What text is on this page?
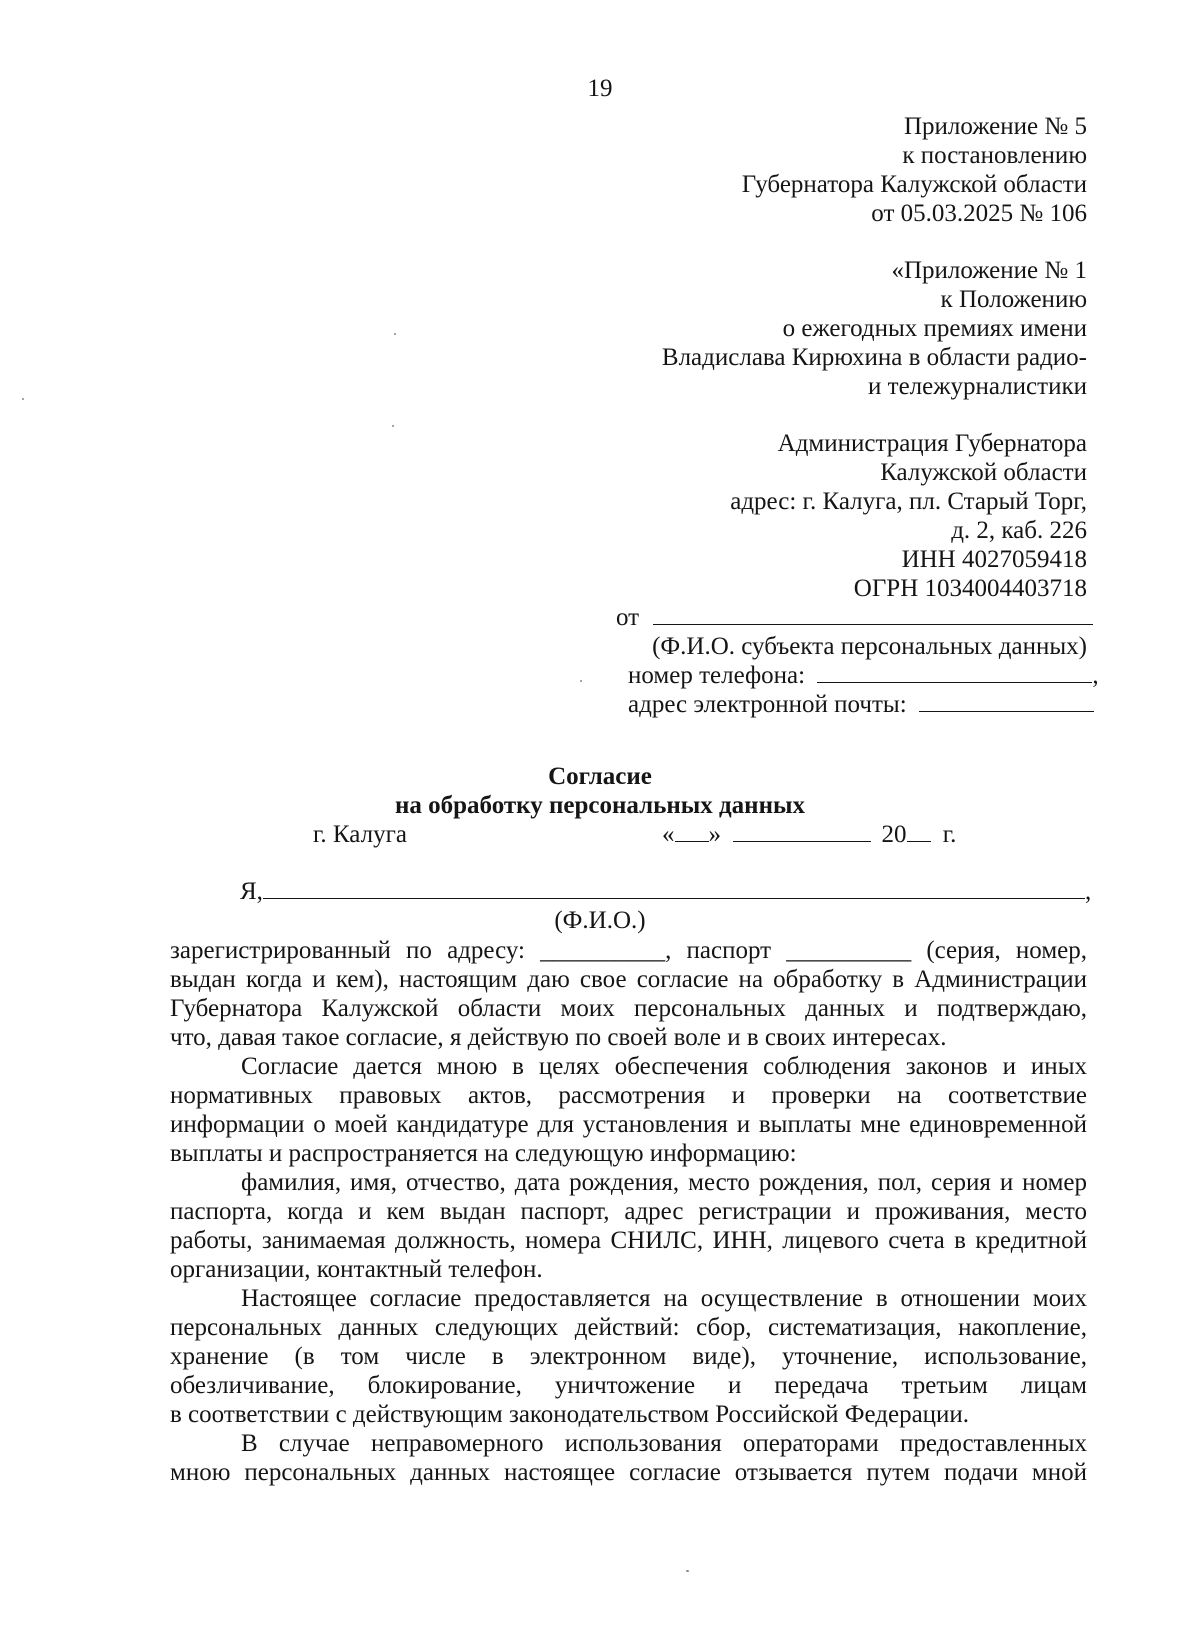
19
Приложение № 5
к постановлению
Губернатора Калужской области
от 05.03.2025 № 106
«Приложение № 1
к Положению
о ежегодных премиях имени
Владислава Кирюхина в области радио-
и тележурналистики
Администрация Губернатора
Калужской области
адрес: г. Калуга, пл. Старый Торг,
д. 2, каб. 226
ИНН 4027059418
ОГРН 1034004403718
от
(Ф.И.О. субъекта персональных данных)
номер телефона:	,
адрес электронной почты:
Согласие
на обработку персональных данных
г. Калуга	« »	20 г.
Я,	,
(Ф.И.О.)
зарегистрированный по адресу: __________, паспорт __________ (серия, номер,
выдан когда и кем), настоящим даю свое согласие на обработку в Администрации
Губернатора Калужской области моих персональных данных и подтверждаю,
что, давая такое согласие, я действую по своей воле и в своих интересах.
Согласие дается мною в целях обеспечения соблюдения законов и иных
нормативных правовых актов, рассмотрения и проверки на соответствие
информации о моей кандидатуре для установления и выплаты мне единовременной
выплаты и распространяется на следующую информацию:
фамилия, имя, отчество, дата рождения, место рождения, пол, серия и номер
паспорта, когда и кем выдан паспорт, адрес регистрации и проживания, место
работы, занимаемая должность, номера СНИЛС, ИНН, лицевого счета в кредитной
организации, контактный телефон.
Настоящее согласие предоставляется на осуществление в отношении моих
персональных данных следующих действий: сбор, систематизация, накопление,
хранение (в том числе в электронном виде), уточнение, использование,
обезличивание, блокирование, уничтожение и передача третьим лицам
в соответствии с действующим законодательством Российской Федерации.
В случае неправомерного использования операторами предоставленных
мною персональных данных настоящее согласие отзывается путем подачи мной
